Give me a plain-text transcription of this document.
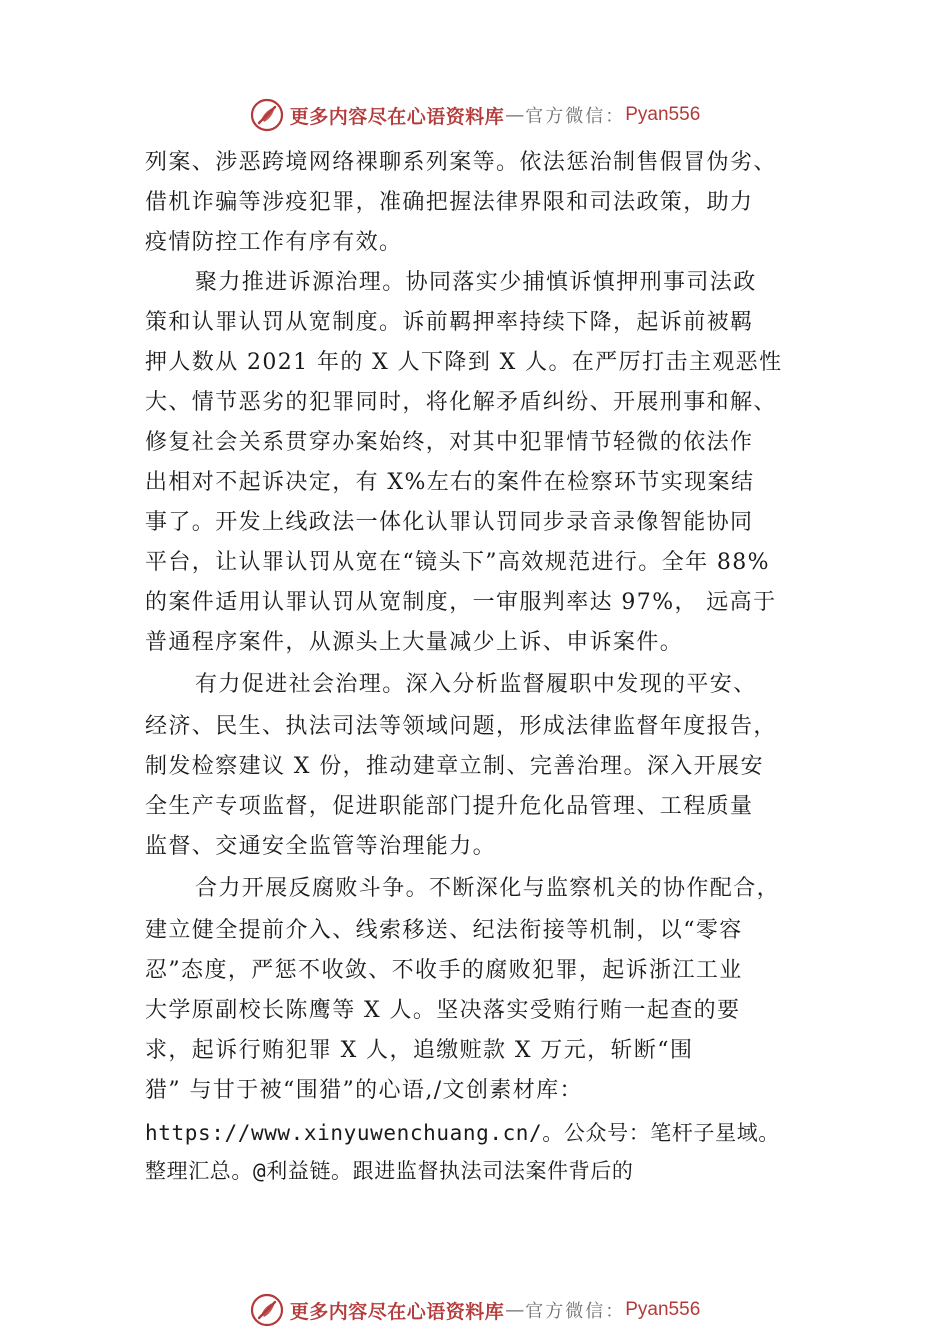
更多内容尽在心语资料库 — 官方微信： Pyan556
列案、涉恶跨境网络裸聊系列案等。依法惩治制售假冒伪劣、
借机诈骗等涉疫犯罪，准确把握法律界限和司法政策，助力
疫情防控工作有序有效。
聚力推进诉源治理。协同落实少捕慎诉慎押刑事司法政
策和认罪认罚从宽制度。诉前羁押率持续下降，起诉前被羁
押人数从 2021 年的 X 人下降到 X 人。在严厉打击主观恶性
大、情节恶劣的犯罪同时，将化解矛盾纠纷、开展刑事和解、
修复社会关系贯穿办案始终，对其中犯罪情节轻微的依法作
出相对不起诉决定，有 X%左右的案件在检察环节实现案结
事了。开发上线政法一体化认罪认罚同步录音录像智能协同
平台，让认罪认罚从宽在“镜头下”高效规范进行。全年 88%
的案件适用认罪认罚从宽制度，一审服判率达 97%， 远高于
普通程序案件，从源头上大量减少上诉、申诉案件。
有力促进社会治理。深入分析监督履职中发现的平安、
经济、民生、执法司法等领域问题，形成法律监督年度报告，
制发检察建议 X 份，推动建章立制、完善治理。深入开展安
全生产专项监督，促进职能部门提升危化品管理、工程质量
监督、交通安全监管等治理能力。
合力开展反腐败斗争。不断深化与监察机关的协作配合，
建立健全提前介入、线索移送、纪法衔接等机制，以“零容
忍”态度，严惩不收敛、不收手的腐败犯罪，起诉浙江工业
大学原副校长陈鹰等 X 人。坚决落实受贿行贿一起查的要
求，起诉行贿犯罪 X 人，追缴赃款 X 万元，斩断“围
猎” 与甘于被“围猎”的心语,/文创素材库：
https://www.xinyuwenchuang.cn/。公众号：笔杆子星域。
整理汇总。@利益链。跟进监督执法司法案件背后的
更多内容尽在心语资料库 — 官方微信： Pyan556
